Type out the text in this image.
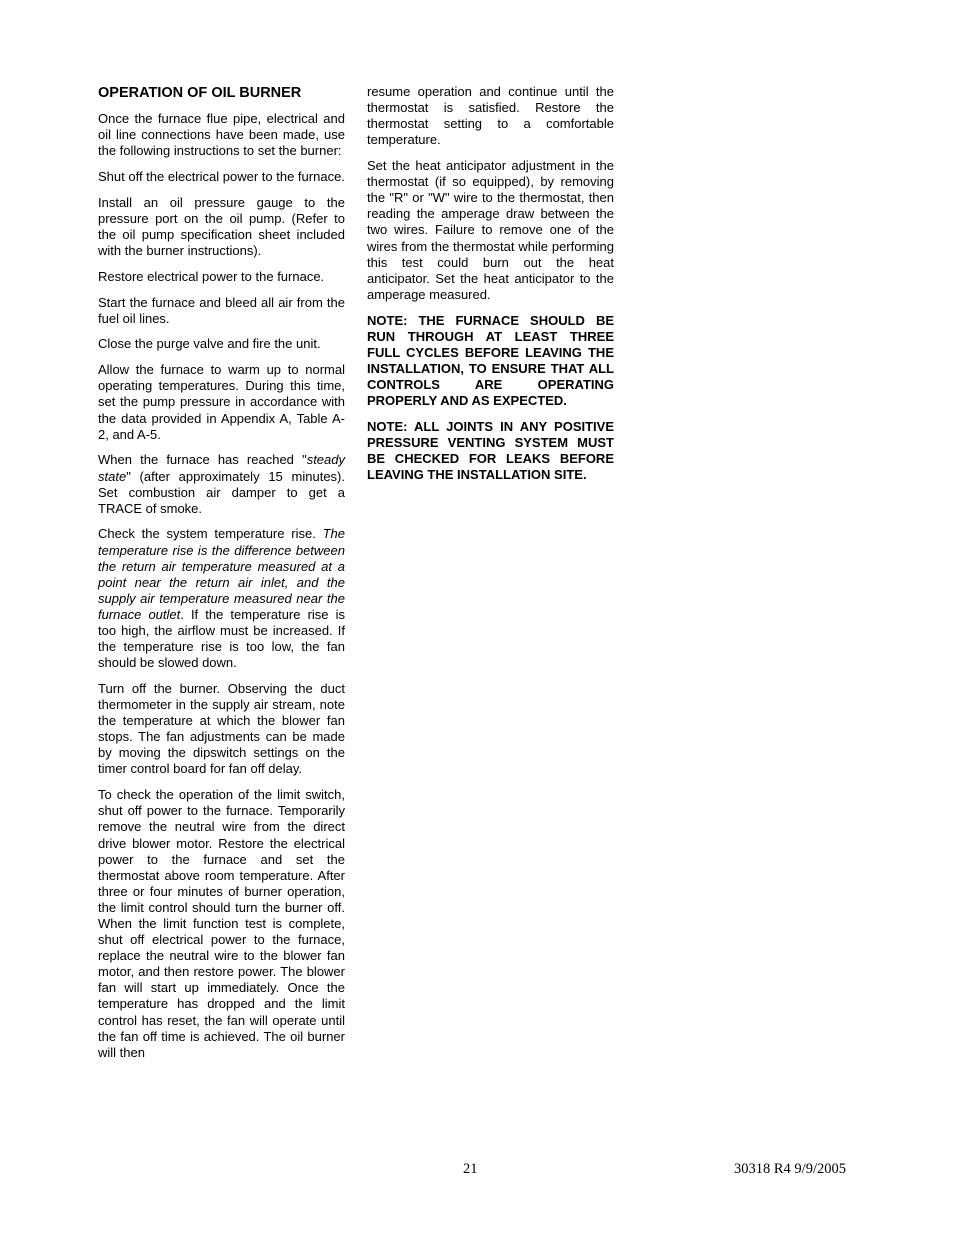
OPERATION OF OIL BURNER

Once the furnace flue pipe, electrical and oil line connections have been made, use the following instructions to set the burner:

Shut off the electrical power to the furnace.

Install an oil pressure gauge to the pressure port on the oil pump. (Refer to the oil pump specification sheet included with the burner instructions).

Restore electrical power to the furnace.

Start the furnace and bleed all air from the fuel oil lines.

Close the purge valve and fire the unit.

Allow the furnace to warm up to normal operating temperatures. During this time, set the pump pressure in accordance with the data provided in Appendix A, Table A-2, and A-5.

When the furnace has reached "steady state" (after approximately 15 minutes). Set combustion air damper to get a TRACE of smoke.

Check the system temperature rise. The temperature rise is the difference between the return air temperature measured at a point near the return air inlet, and the supply air temperature measured near the furnace outlet. If the temperature rise is too high, the airflow must be increased. If the temperature rise is too low, the fan should be slowed down.

Turn off the burner. Observing the duct thermometer in the supply air stream, note the temperature at which the blower fan stops. The fan adjustments can be made by moving the dipswitch settings on the timer control board for fan off delay.

To check the operation of the limit switch, shut off power to the furnace. Temporarily remove the neutral wire from the direct drive blower motor. Restore the electrical power to the furnace and set the thermostat above room temperature. After three or four minutes of burner operation, the limit control should turn the burner off. When the limit function test is complete, shut off electrical power to the furnace, replace the neutral wire to the blower fan motor, and then restore power. The blower fan will start up immediately. Once the temperature has dropped and the limit control has reset, the fan will operate until the fan off time is achieved. The oil burner will then

resume operation and continue until the thermostat is satisfied. Restore the thermostat setting to a comfortable temperature.

Set the heat anticipator adjustment in the thermostat (if so equipped), by removing the "R" or "W" wire to the thermostat, then reading the amperage draw between the two wires. Failure to remove one of the wires from the thermostat while performing this test could burn out the heat anticipator. Set the heat anticipator to the amperage measured.

NOTE: THE FURNACE SHOULD BE RUN THROUGH AT LEAST THREE FULL CYCLES BEFORE LEAVING THE INSTALLATION, TO ENSURE THAT ALL CONTROLS ARE OPERATING PROPERLY AND AS EXPECTED.

NOTE: ALL JOINTS IN ANY POSITIVE PRESSURE VENTING SYSTEM MUST BE CHECKED FOR LEAKS BEFORE LEAVING THE INSTALLATION SITE.

21	30318 R4 9/9/2005
